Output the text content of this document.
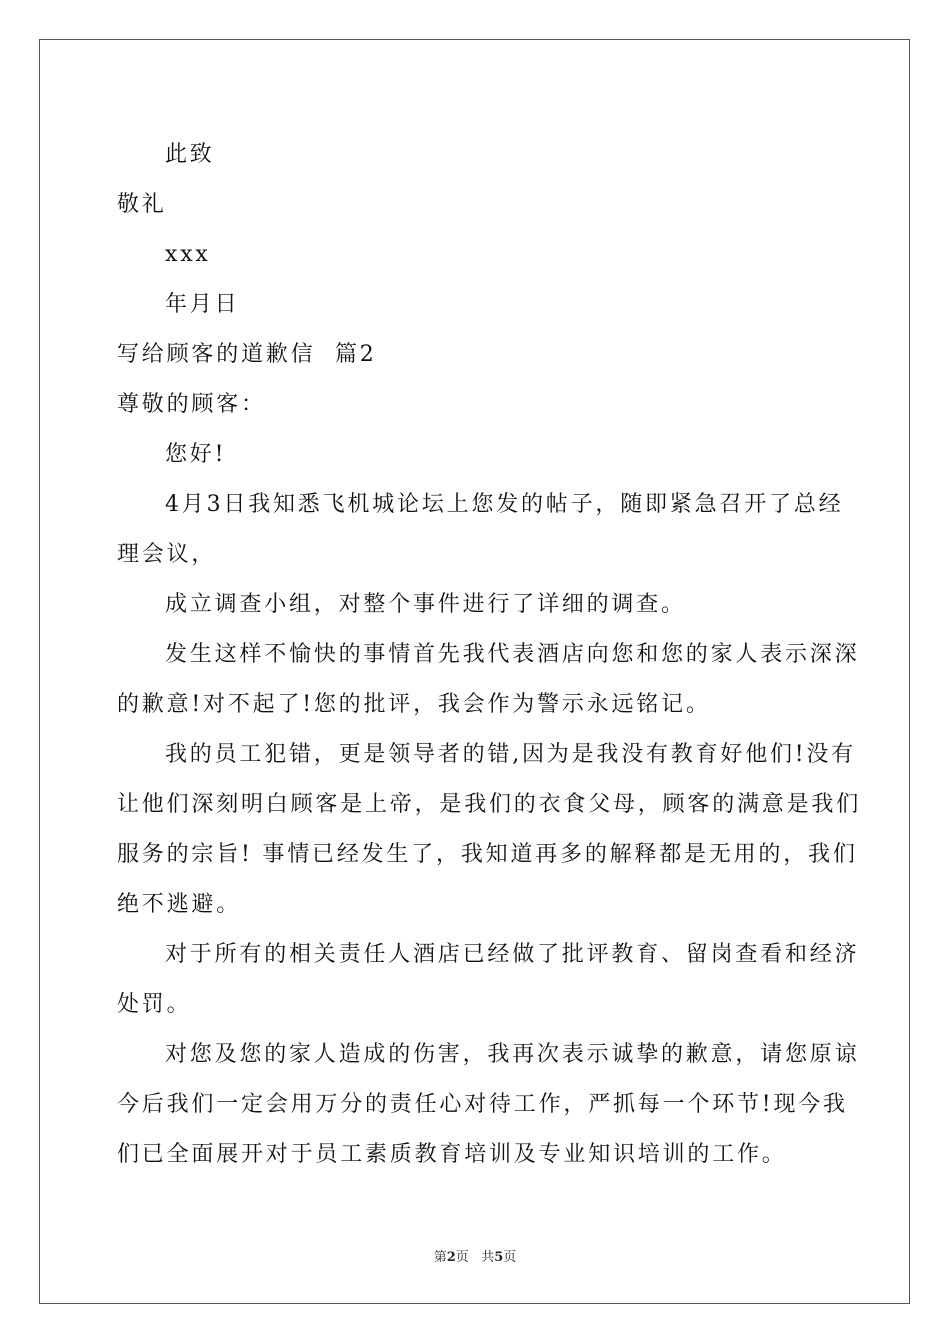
此致
敬礼
xxx
年月日
写给顾客的道歉信  篇2
尊敬的顾客：
您好!
4月3日我知悉飞机城论坛上您发的帖子，随即紧急召开了总经
理会议，
成立调查小组，对整个事件进行了详细的调查。
发生这样不愉快的事情首先我代表酒店向您和您的家人表示深深
的歉意!对不起了!您的批评，我会作为警示永远铭记。
我的员工犯错，更是领导者的错,因为是我没有教育好他们!没有
让他们深刻明白顾客是上帝，是我们的衣食父母，顾客的满意是我们
服务的宗旨! 事情已经发生了，我知道再多的解释都是无用的，我们
绝不逃避。
对于所有的相关责任人酒店已经做了批评教育、留岗查看和经济
处罚。
对您及您的家人造成的伤害，我再次表示诚挚的歉意，请您原谅
今后我们一定会用万分的责任心对待工作，严抓每一个环节!现今我
们已全面展开对于员工素质教育培训及专业知识培训的工作。
第2页 共5页
